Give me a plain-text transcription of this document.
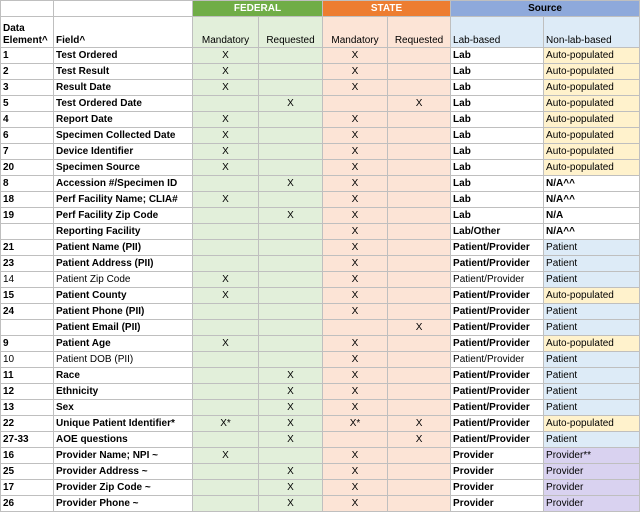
		FEDERAL		STATE		Source	
Data Element^	Field^	Mandatory	Requested	Mandatory	Requested	Lab-based	Non-lab-based
1	Test Ordered	X		X		Lab	Auto-populated
2	Test Result	X		X		Lab	Auto-populated
3	Result Date	X		X		Lab	Auto-populated
5	Test Ordered Date		X		X	Lab	Auto-populated
4	Report Date	X		X		Lab	Auto-populated
6	Specimen Collected Date	X		X		Lab	Auto-populated
7	Device Identifier	X		X		Lab	Auto-populated
20	Specimen Source	X		X		Lab	Auto-populated
8	Accession #/Specimen ID		X	X		Lab	N/A^^
18	Perf Facility Name; CLIA#	X		X		Lab	N/A^^
19	Perf Facility Zip Code		X	X		Lab	N/A
	Reporting Facility			X		Lab/Other	N/A^^
21	Patient Name (PII)			X		Patient/Provider	Patient
23	Patient Address (PII)			X		Patient/Provider	Patient
14	Patient Zip Code	X		X		Patient/Provider	Patient
15	Patient County	X		X		Patient/Provider	Auto-populated
24	Patient Phone (PII)			X		Patient/Provider	Patient
	Patient Email (PII)				X	Patient/Provider	Patient
9	Patient Age	X		X		Patient/Provider	Auto-populated
10	Patient DOB (PII)			X		Patient/Provider	Patient
11	Race		X	X		Patient/Provider	Patient
12	Ethnicity		X	X		Patient/Provider	Patient
13	Sex		X	X		Patient/Provider	Patient
22	Unique Patient Identifier*	X*	X	X*	X	Patient/Provider	Auto-populated
27-33	AOE questions		X		X	Patient/Provider	Patient
16	Provider Name; NPI ~	X		X		Provider	Provider**
25	Provider Address ~		X	X		Provider	Provider
17	Provider Zip Code ~		X	X		Provider	Provider
26	Provider Phone ~		X	X		Provider	Provider
